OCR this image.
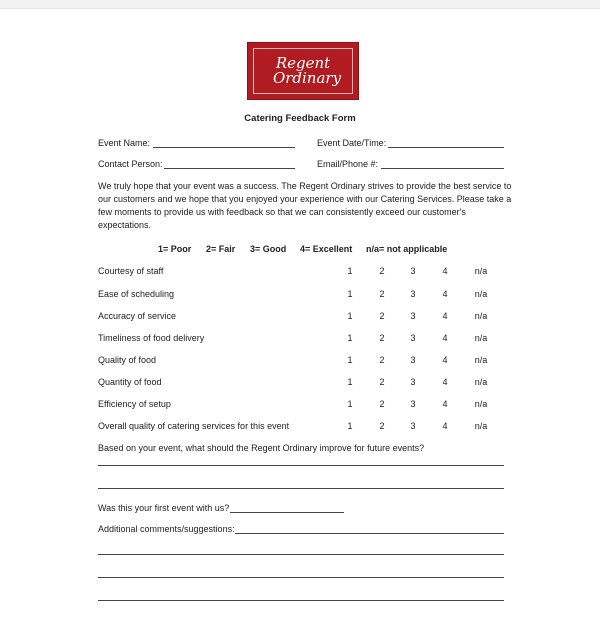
Regent
Ordinary
Catering Feedback Form
Event Name:	Event Date/Time:
Contact Person:	Email/Phone #:
We truly hope that your event was a success. The Regent Ordinary strives to provide the best service to
our customers and we hope that you enjoyed your experience with our Catering Services. Please take a
few moments to provide us with feedback so that we can consistently exceed our customer's
expectations.
1= Poor 2= Fair 3= Good 4= Excellent n/a= not applicable
Courtesy of staff	1	2	3	4	n/a
Ease of scheduling	1	2	3	4	n/a
Accuracy of service	1	2	3	4	n/a
Timeliness of food delivery	1	2	3	4	n/a
Quality of food	1	2	3	4	n/a
Quantity of food	1	2	3	4	n/a
Efficiency of setup	1	2	3	4	n/a
Overall quality of catering services for this event	1	2	3	4	n/a
Based on your event, what should the Regent Ordinary improve for future events?
Was this your first event with us?
Additional comments/suggestions:
